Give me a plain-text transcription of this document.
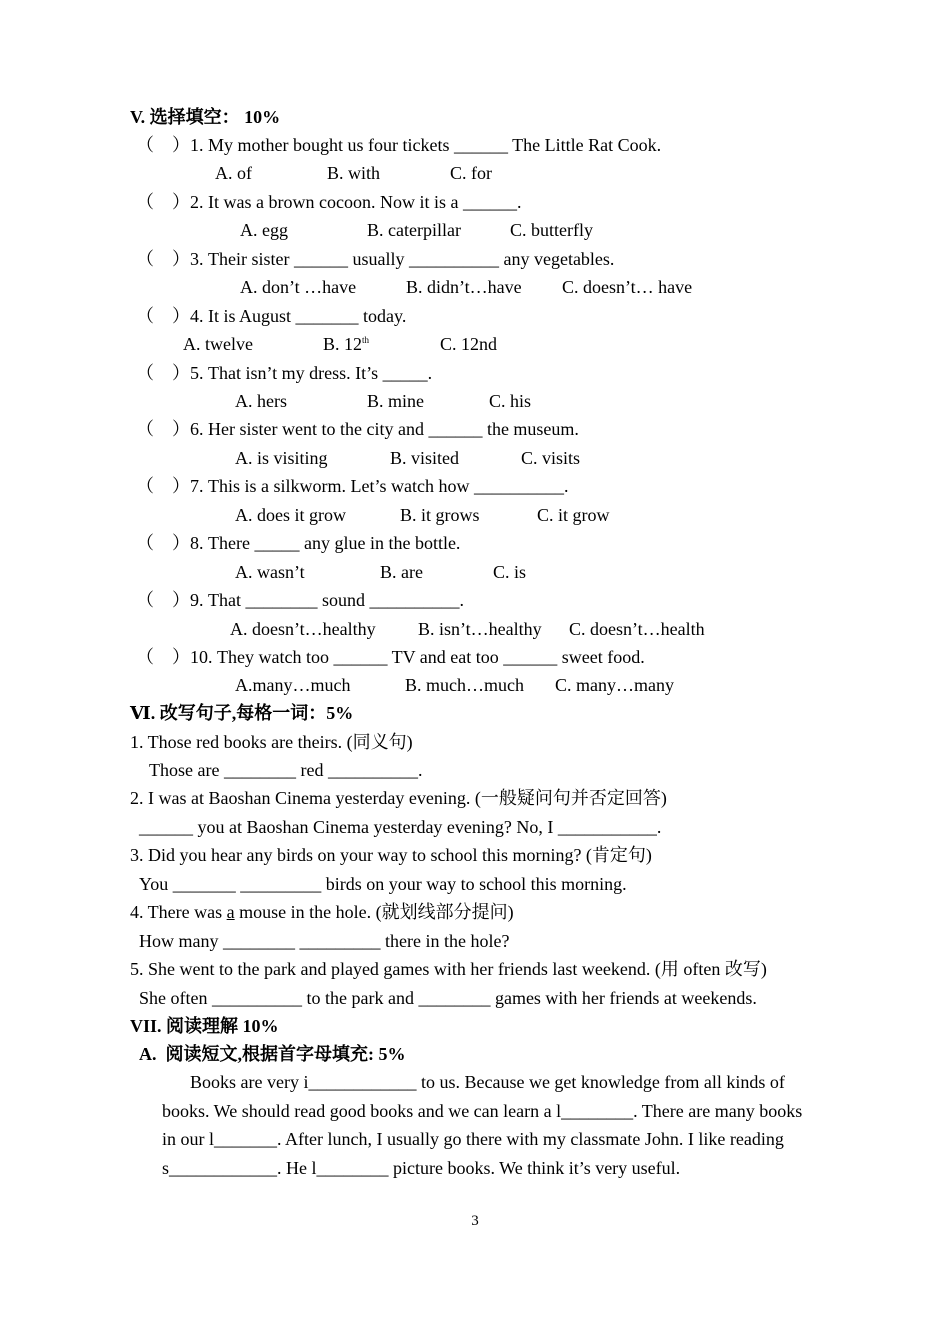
V. 选择填空： 10%
（　）1. My mother bought us four tickets ______ The Little Rat Cook.
A. of	B. with	C. for
（　）2. It was a brown cocoon. Now it is a ______.
A. egg	B. caterpillar	C. butterfly
（　）3. Their sister ______ usually __________ any vegetables.
A. don’t …have	B. didn’t…have C. doesn’t… have
（　）4. It is August _______ today.
A. twelve	B. 12th	C. 12nd
（　）5. That isn’t my dress. It’s _____.
A. hers	B. mine	C. his
（　）6. Her sister went to the city and ______ the museum.
A. is visiting	B. visited	C. visits
（　）7. This is a silkworm. Let’s watch how __________.
A. does it grow	B. it grows	C. it grow
（　）8. There _____ any glue in the bottle.
A. wasn’t	B. are	C. is
（　）9. That ________ sound __________.
A. doesn’t…healthy B. isn’t…healthy C. doesn’t…health
（　）10. They watch too ______ TV and eat too ______ sweet food.
A.many…much	B. much…much C. many…many
Ⅵ. 改写句子,每格一词：5%
1. Those red books are theirs. (同义句)
Those are ________ red __________.
2. I was at Baoshan Cinema yesterday evening. (一般疑问句并否定回答)
______ you at Baoshan Cinema yesterday evening? No, I ___________.
3. Did you hear any birds on your way to school this morning? (肯定句)
You _______ _________ birds on your way to school this morning.
4. There was a mouse in the hole. (就划线部分提问)
How many ________ _________ there in the hole?
5. She went to the park and played games with her friends last weekend. (用 often 改写)
She often __________ to the park and ________ games with her friends at weekends.
VII. 阅读理解 10%
A.  阅读短文,根据首字母填充: 5%
Books are very i____________ to us. Because we get knowledge from all kinds of books. We should read good books and we can learn a l________. There are many books in our l_______. After lunch, I usually go there with my classmate John. I like reading s____________. He l________ picture books. We think it’s very useful.
3
